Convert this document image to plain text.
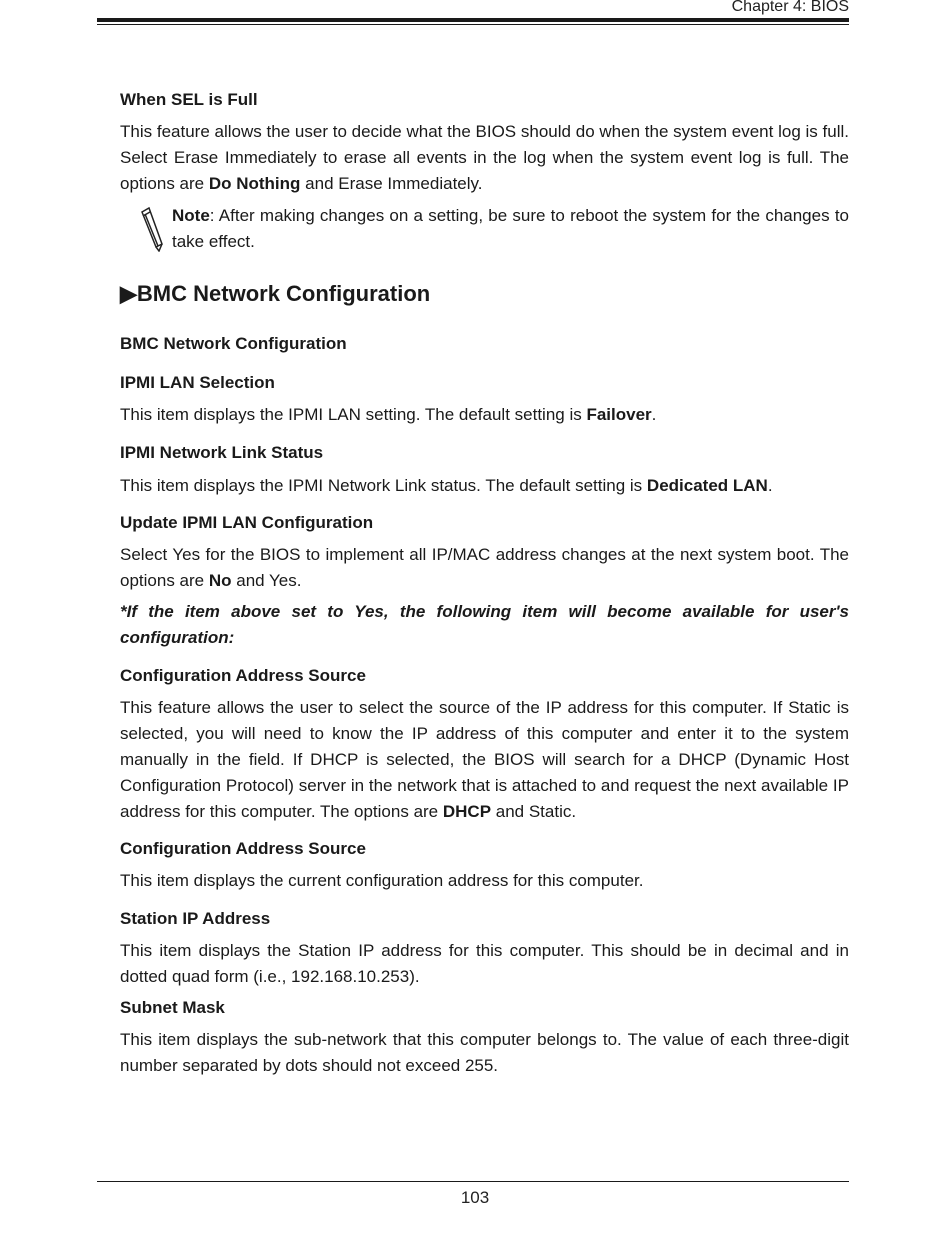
Chapter 4: BIOS
When SEL is Full
This feature allows the user to decide what the BIOS should do when the system event log is full. Select Erase Immediately to erase all events in the log when the system event log is full. The options are Do Nothing and Erase Immediately.
Note: After making changes on a setting, be sure to reboot the system for the changes to take effect.
▶BMC Network Configuration
BMC Network Configuration
IPMI LAN Selection
This item displays the IPMI LAN setting. The default setting is Failover.
IPMI Network Link Status
This item displays the IPMI Network Link status. The default setting is Dedicated LAN.
Update IPMI LAN Configuration
Select Yes for the BIOS to implement all IP/MAC address changes at the next system boot. The options are No and Yes.
*If the item above set to Yes, the following item will become available for user's configuration:
Configuration Address Source
This feature allows the user to select the source of the IP address for this computer. If Static is selected, you will need to know the IP address of this computer and enter it to the system manually in the field. If DHCP is selected, the BIOS will search for a DHCP (Dynamic Host Configuration Protocol) server in the network that is attached to and request the next available IP address for this computer. The options are DHCP and Static.
Configuration Address Source
This item displays the current configuration address for this computer.
Station IP Address
This item displays the Station IP address for this computer. This should be in decimal and in dotted quad form (i.e., 192.168.10.253).
Subnet Mask
This item displays the sub-network that this computer belongs to. The value of each three-digit number separated by dots should not exceed 255.
103
